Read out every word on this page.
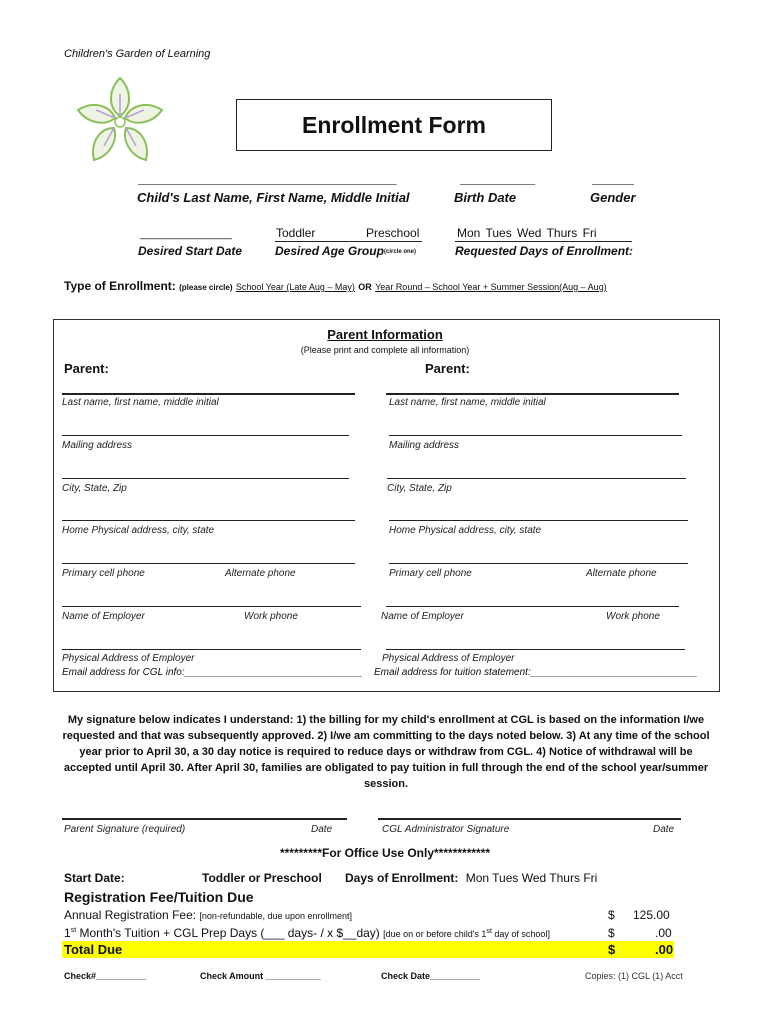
Children's Garden of Learning
Enrollment Form
_______________________________
Child's Last Name, First Name, Middle Initial
_________
Birth Date
_____
Gender
_______________
Desired Start Date
Toddler	Preschool
Desired Age Group (circle one)
Mon Tues Wed Thurs Fri
Requested Days of Enrollment:
Type of Enrollment: (please circle) School Year (Late Aug – May) OR Year Round – School Year + Summer Session(Aug – Aug)
Parent Information
(Please print and complete all information)
Parent:	Parent:
Last name, first name, middle initial	Last name, first name, middle initial
Mailing address	Mailing address
City, State, Zip	City, State, Zip
Home Physical address, city, state	Home Physical address, city, state
Primary cell phone	Alternate phone	Primary cell phone	Alternate phone
Name of Employer	Work phone	Name of Employer	Work phone
Physical Address of Employer	Physical Address of Employer
Email address for CGL info:________________________________ Email address for tuition statement:______________________________
My signature below indicates I understand: 1) the billing for my child's enrollment at CGL is based on the information I/we requested and that was subsequently approved. 2) I/we am committing to the days noted below. 3) At any time of the school year prior to April 30, a 30 day notice is required to reduce days or withdraw from CGL. 4) Notice of withdrawal will be accepted until April 30. After April 30, families are obligated to pay tuition in full through the end of the school year/summer session.
Parent Signature (required)	Date	CGL Administrator Signature	Date
*********For Office Use Only************
Start Date:	Toddler or Preschool Days of Enrollment: Mon Tues Wed Thurs Fri
Registration Fee/Tuition Due
Annual Registration Fee: [non-refundable, due upon enrollment]	$ 125.00
1st Month's Tuition + CGL Prep Days (___ days- / x $__day) [due on or before child's 1st day of school]	$	.00
Total Due	$	.00
Check#__________	Check Amount ___________	Check Date__________	Copies: (1) CGL (1) Acct
